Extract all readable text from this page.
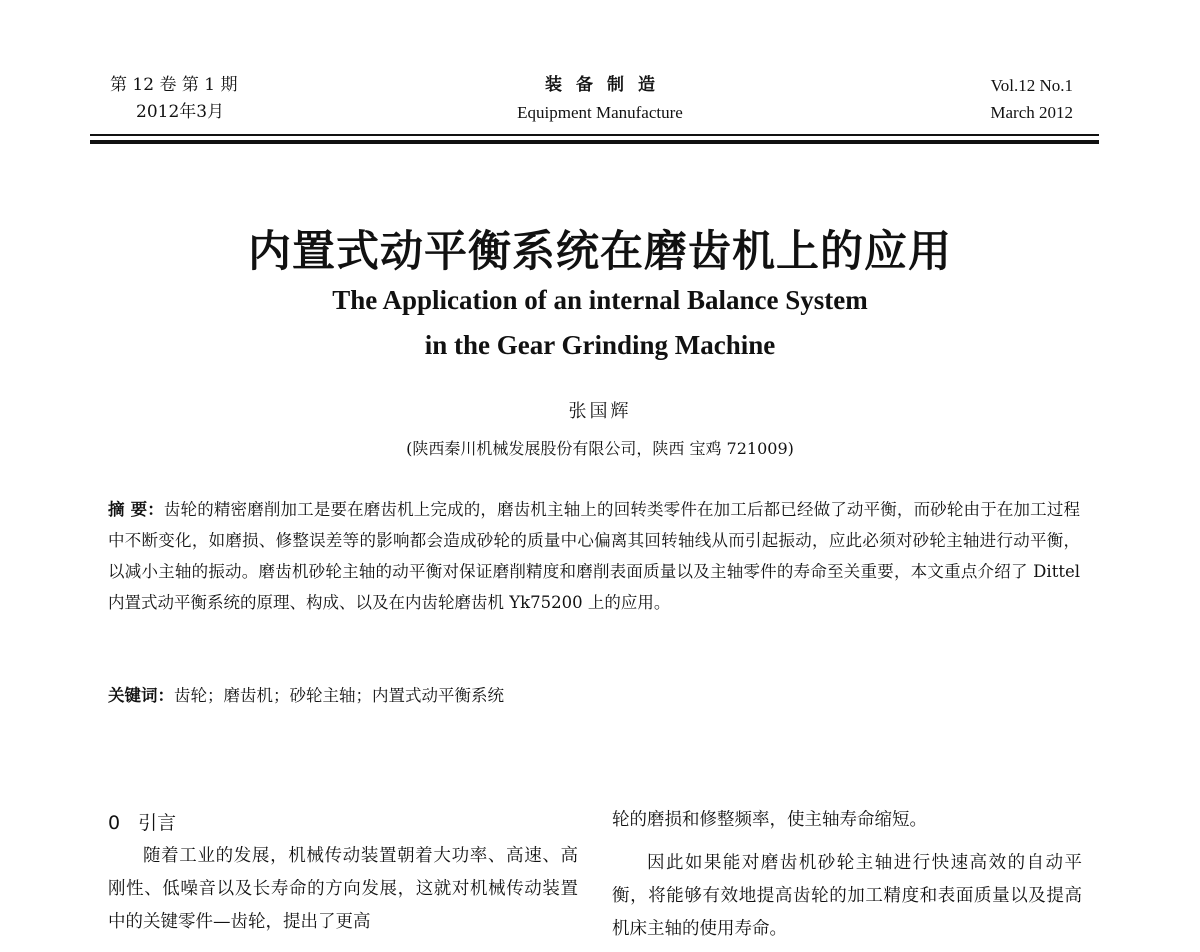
第 12 卷 第 1 期
2012年3月
装备制造
Equipment Manufacture
Vol.12 No.1
March 2012
内置式动平衡系统在磨齿机上的应用
The Application of an internal Balance System
in the Gear Grinding Machine
张国辉
(陕西秦川机械发展股份有限公司，陕西 宝鸡 721009)
摘 要：齿轮的精密磨削加工是要在磨齿机上完成的，磨齿机主轴上的回转类零件在加工后都已经做了动平衡，而砂轮由于在加工过程中不断变化，如磨损、修整误差等的影响都会造成砂轮的质量中心偏离其回转轴线从而引起振动，应此必须对砂轮主轴进行动平衡，以减小主轴的振动。磨齿机砂轮主轴的动平衡对保证磨削精度和磨削表面质量以及主轴零件的寿命至关重要，本文重点介绍了 Dittel 内置式动平衡系统的原理、构成、以及在内齿轮磨齿机 Yk75200 上的应用。
关键词：齿轮；磨齿机；砂轮主轴；内置式动平衡系统
0 引言

随着工业的发展，机械传动装置朝着大功率、高速、高刚性、低噪音以及长寿命的方向发展，这就对机械传动装置中的关键零件—齿轮，提出了更高

轮的磨损和修整频率，使主轴寿命缩短。

因此如果能对磨齿机砂轮主轴进行快速高效的自动平衡，将能够有效地提高齿轮的加工精度和表面质量以及提高机床主轴的使用寿命。
